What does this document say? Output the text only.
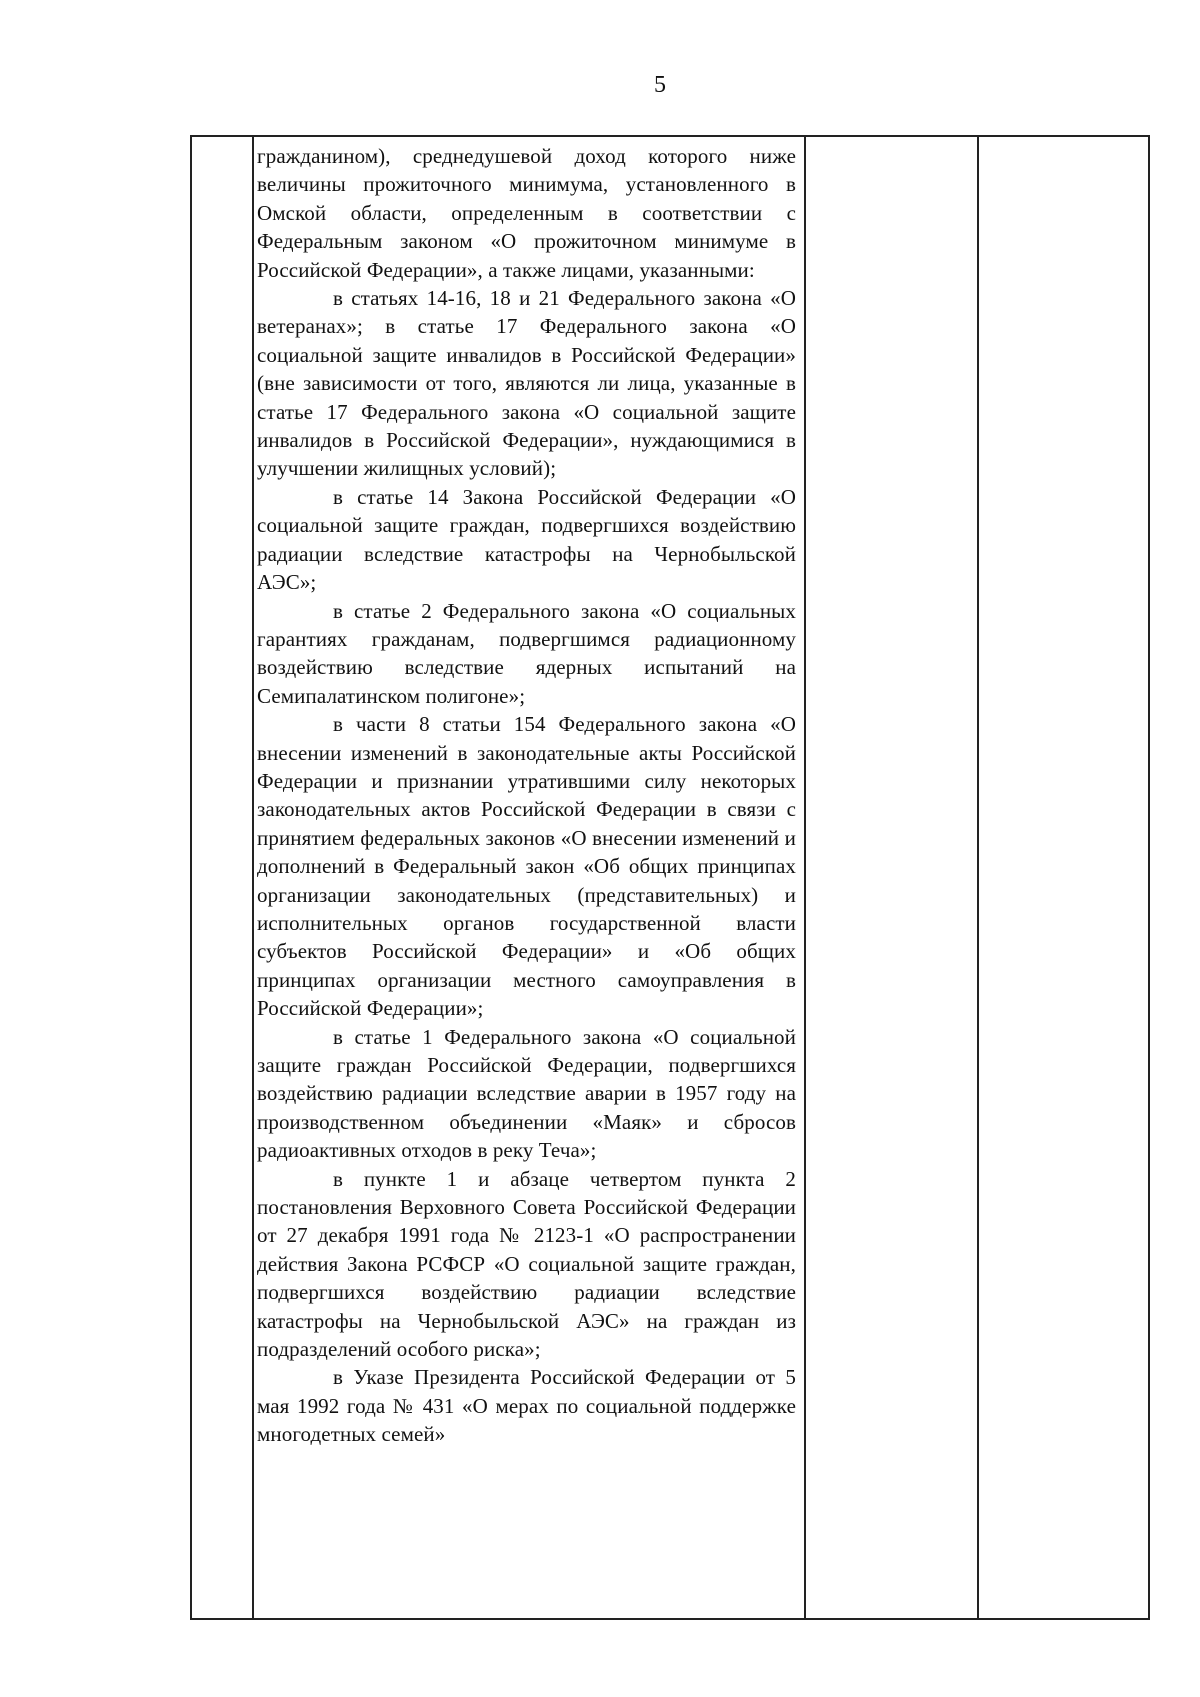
5

гражданином), среднедушевой доход которого ниже величины прожиточного минимума, установленного в Омской области, определенным в соответствии с Федеральным законом «О прожиточном минимуме в Российской Федерации», а также лицами, указанными:

в статьях 14-16, 18 и 21 Федерального закона «О ветеранах»; в статье 17 Федерального закона «О социальной защите инвалидов в Российской Федерации» (вне зависимости от того, являются ли лица, указанные в статье 17 Федерального закона «О социальной защите инвалидов в Российской Федерации», нуждающимися в улучшении жилищных условий);

в статье 14 Закона Российской Федерации «О социальной защите граждан, подвергшихся воздействию радиации вследствие катастрофы на Чернобыльской АЭС»;

в статье 2 Федерального закона «О социальных гарантиях гражданам, подвергшимся радиационному воздействию вследствие ядерных испытаний на Семипалатинском полигоне»;

в части 8 статьи 154 Федерального закона «О внесении изменений в законодательные акты Российской Федерации и признании утратившими силу некоторых законодательных актов Российской Федерации в связи с принятием федеральных законов «О внесении изменений и дополнений в Федеральный закон «Об общих принципах организации законодательных (представительных) и исполнительных органов государственной власти субъектов Российской Федерации» и «Об общих принципах организации местного самоуправления в Российской Федерации»;

в статье 1 Федерального закона «О социальной защите граждан Российской Федерации, подвергшихся воздействию радиации вследствие аварии в 1957 году на производственном объединении «Маяк» и сбросов радиоактивных отходов в реку Теча»;

в пункте 1 и абзаце четвертом пункта 2 постановления Верховного Совета Российской Федерации от 27 декабря 1991 года № 2123-1 «О распространении действия Закона РСФСР «О социальной защите граждан, подвергшихся воздействию радиации вследствие катастрофы на Чернобыльской АЭС» на граждан из подразделений особого риска»;

в Указе Президента Российской Федерации от 5 мая 1992 года № 431 «О мерах по социальной поддержке многодетных семей»
